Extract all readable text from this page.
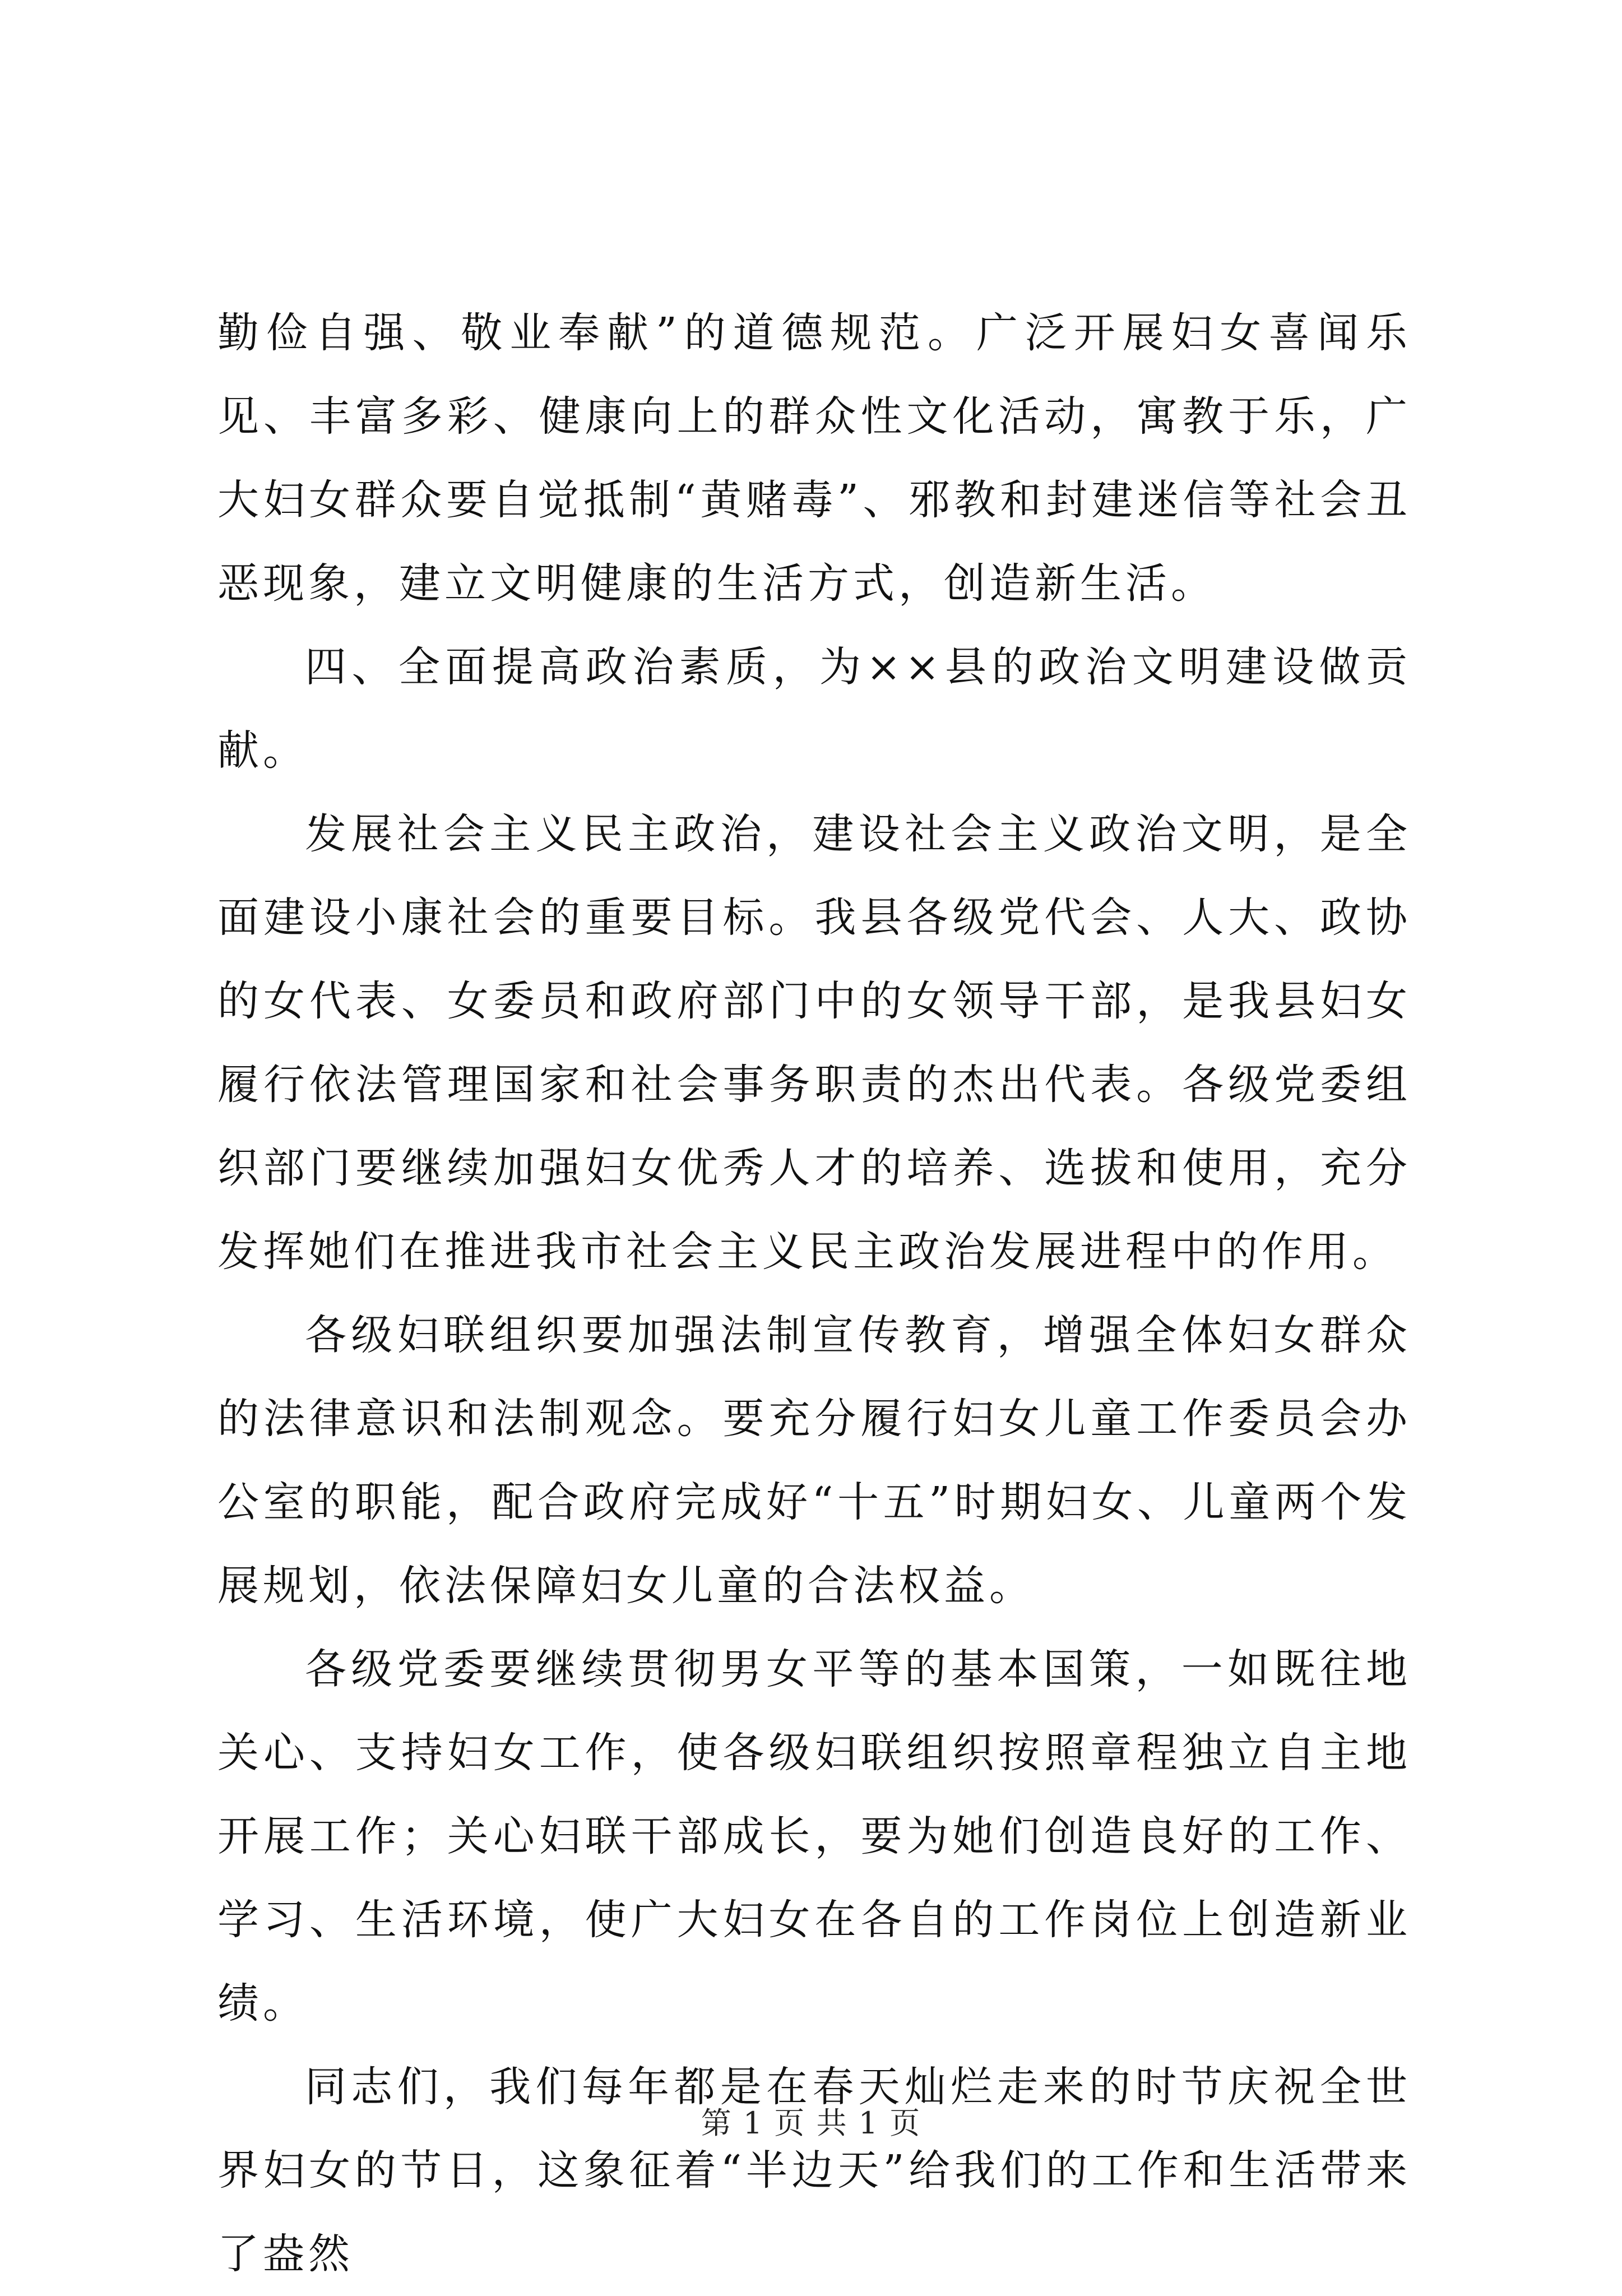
勤俭自强、敬业奉献”的道德规范。广泛开展妇女喜闻乐见、丰富多彩、健康向上的群众性文化活动，寓教于乐，广大妇女群众要自觉抵制“黄赌毒”、邪教和封建迷信等社会丑恶现象，建立文明健康的生活方式，创造新生活。

四、全面提高政治素质，为××县的政治文明建设做贡献。

发展社会主义民主政治，建设社会主义政治文明，是全面建设小康社会的重要目标。我县各级党代会、人大、政协的女代表、女委员和政府部门中的女领导干部，是我县妇女履行依法管理国家和社会事务职责的杰出代表。各级党委组织部门要继续加强妇女优秀人才的培养、选拔和使用，充分发挥她们在推进我市社会主义民主政治发展进程中的作用。

各级妇联组织要加强法制宣传教育，增强全体妇女群众的法律意识和法制观念。要充分履行妇女儿童工作委员会办公室的职能，配合政府完成好“十五”时期妇女、儿童两个发展规划，依法保障妇女儿童的合法权益。

各级党委要继续贯彻男女平等的基本国策，一如既往地关心、支持妇女工作，使各级妇联组织按照章程独立自主地开展工作；关心妇联干部成长，要为她们创造良好的工作、学习、生活环境，使广大妇女在各自的工作岗位上创造新业绩。

同志们，我们每年都是在春天灿烂走来的时节庆祝全世界妇女的节日，这象征着“半边天”给我们的工作和生活带来了盎然

第 1 页 共 1 页
